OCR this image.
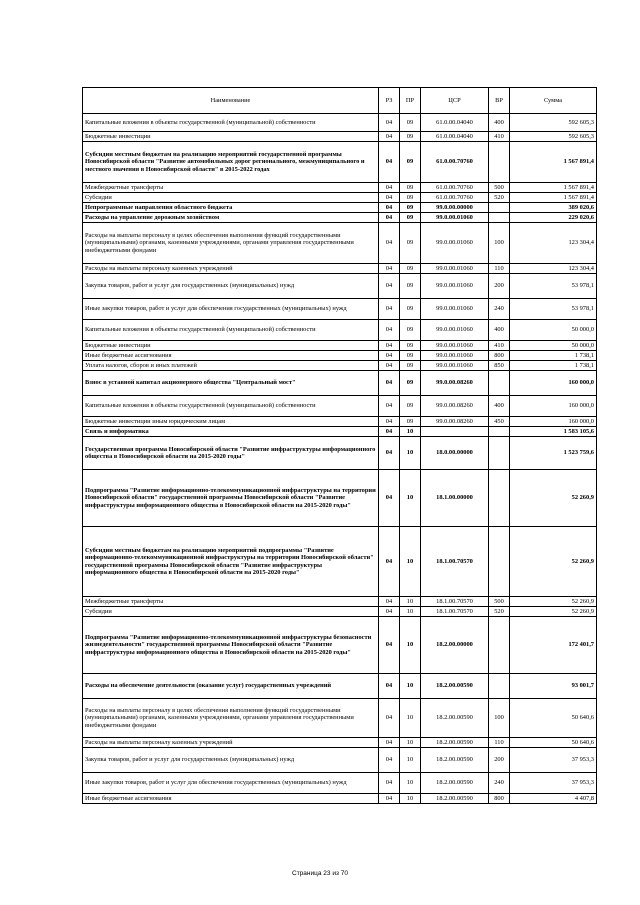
Наименование	РЗ	ПР	ЦСР	ВР	Сумма
Капитальные вложения в объекты государственной (муниципальной) собственности	04	09	61.0.00.04040	400	592 605,3
Бюджетные инвестиции	04	09	61.0.00.04040	410	592 605,3
Субсидии местным бюджетам на реализацию мероприятий государственной программы Новосибирской области "Развитие автомобильных дорог регионального, межмуниципального и местного значения в Новосибирской области" в 2015-2022 годах	04	09	61.0.00.70760		1 567 891,4
Межбюджетные трансферты	04	09	61.0.00.70760	500	1 567 891,4
Субсидии	04	09	61.0.00.70760	520	1 567 891,4
Непрограммные направления областного бюджета	04	09	99.0.00.00000		389 020,6
Расходы на управление дорожным хозяйством	04	09	99.0.00.01060		229 020,6
Расходы на выплаты персоналу в целях обеспечения выполнения функций государственными (муниципальными) органами, казенными учреждениями, органами управления государственными внебюджетными фондами	04	09	99.0.00.01060	100	123 304,4
Расходы на выплаты персоналу казенных учреждений	04	09	99.0.00.01060	110	123 304,4
Закупка товаров, работ и услуг для государственных (муниципальных) нужд	04	09	99.0.00.01060	200	53 978,1
Иные закупки товаров, работ и услуг для обеспечения государственных (муниципальных) нужд	04	09	99.0.00.01060	240	53 978,1
Капитальные вложения в объекты государственной (муниципальной) собственности	04	09	99.0.00.01060	400	50 000,0
Бюджетные инвестиции	04	09	99.0.00.01060	410	50 000,0
Иные бюджетные ассигнования	04	09	99.0.00.01060	800	1 738,1
Уплата налогов, сборов и иных платежей	04	09	99.0.00.01060	850	1 738,1
Взнос в уставной капитал акционерного общества "Центральный мост"	04	09	99.0.00.08260		160 000,0
Капитальные вложения в объекты государственной (муниципальной) собственности	04	09	99.0.00.08260	400	160 000,0
Бюджетные инвестиции иным юридическим лицам	04	09	99.0.00.08260	450	160 000,0
Связь и информатика	04	10			1 583 105,6
Государственная программа Новосибирской области "Развитие инфраструктуры информационного общества в Новосибирской области на 2015-2020 годы"	04	10	18.0.00.00000		1 523 759,6
Подпрограмма "Развитие информационно-телекоммуникационной инфраструктуры на территории Новосибирской области" государственной программы Новосибирской области "Развитие инфраструктуры информационного общества в Новосибирской области на 2015-2020 годы"	04	10	18.1.00.00000		52 260,9
Субсидии местным бюджетам на реализацию мероприятий подпрограммы "Развитие информационно-телекоммуникационной инфраструктуры на территории Новосибирской области" государственной программы Новосибирской области "Развитие инфраструктуры информационного общества в Новосибирской области на 2015-2020 годы"	04	10	18.1.00.70570		52 260,9
Межбюджетные трансферты	04	10	18.1.00.70570	500	52 260,9
Субсидии	04	10	18.1.00.70570	520	52 260,9
Подпрограмма "Развитие информационно-телекоммуникационной инфраструктуры безопасности жизнедеятельности" государственной программы Новосибирской области "Развитие инфраструктуры информационного общества в Новосибирской области на 2015-2020 годы"	04	10	18.2.00.00000		172 401,7
Расходы на обеспечение деятельности (оказание услуг) государственных учреждений	04	10	18.2.00.00590		93 001,7
Расходы на выплаты персоналу в целях обеспечения выполнения функций государственными (муниципальными) органами, казенными учреждениями, органами управления государственными внебюджетными фондами	04	10	18.2.00.00590	100	50 640,6
Расходы на выплаты персоналу казенных учреждений	04	10	18.2.00.00590	110	50 640,6
Закупка товаров, работ и услуг для государственных (муниципальных) нужд	04	10	18.2.00.00590	200	37 953,3
Иные закупки товаров, работ и услуг для обеспечения государственных (муниципальных) нужд	04	10	18.2.00.00590	240	37 953,3
Иные бюджетные ассигнования	04	10	18.2.00.00590	800	4 407,8
Страница 23 из 70
